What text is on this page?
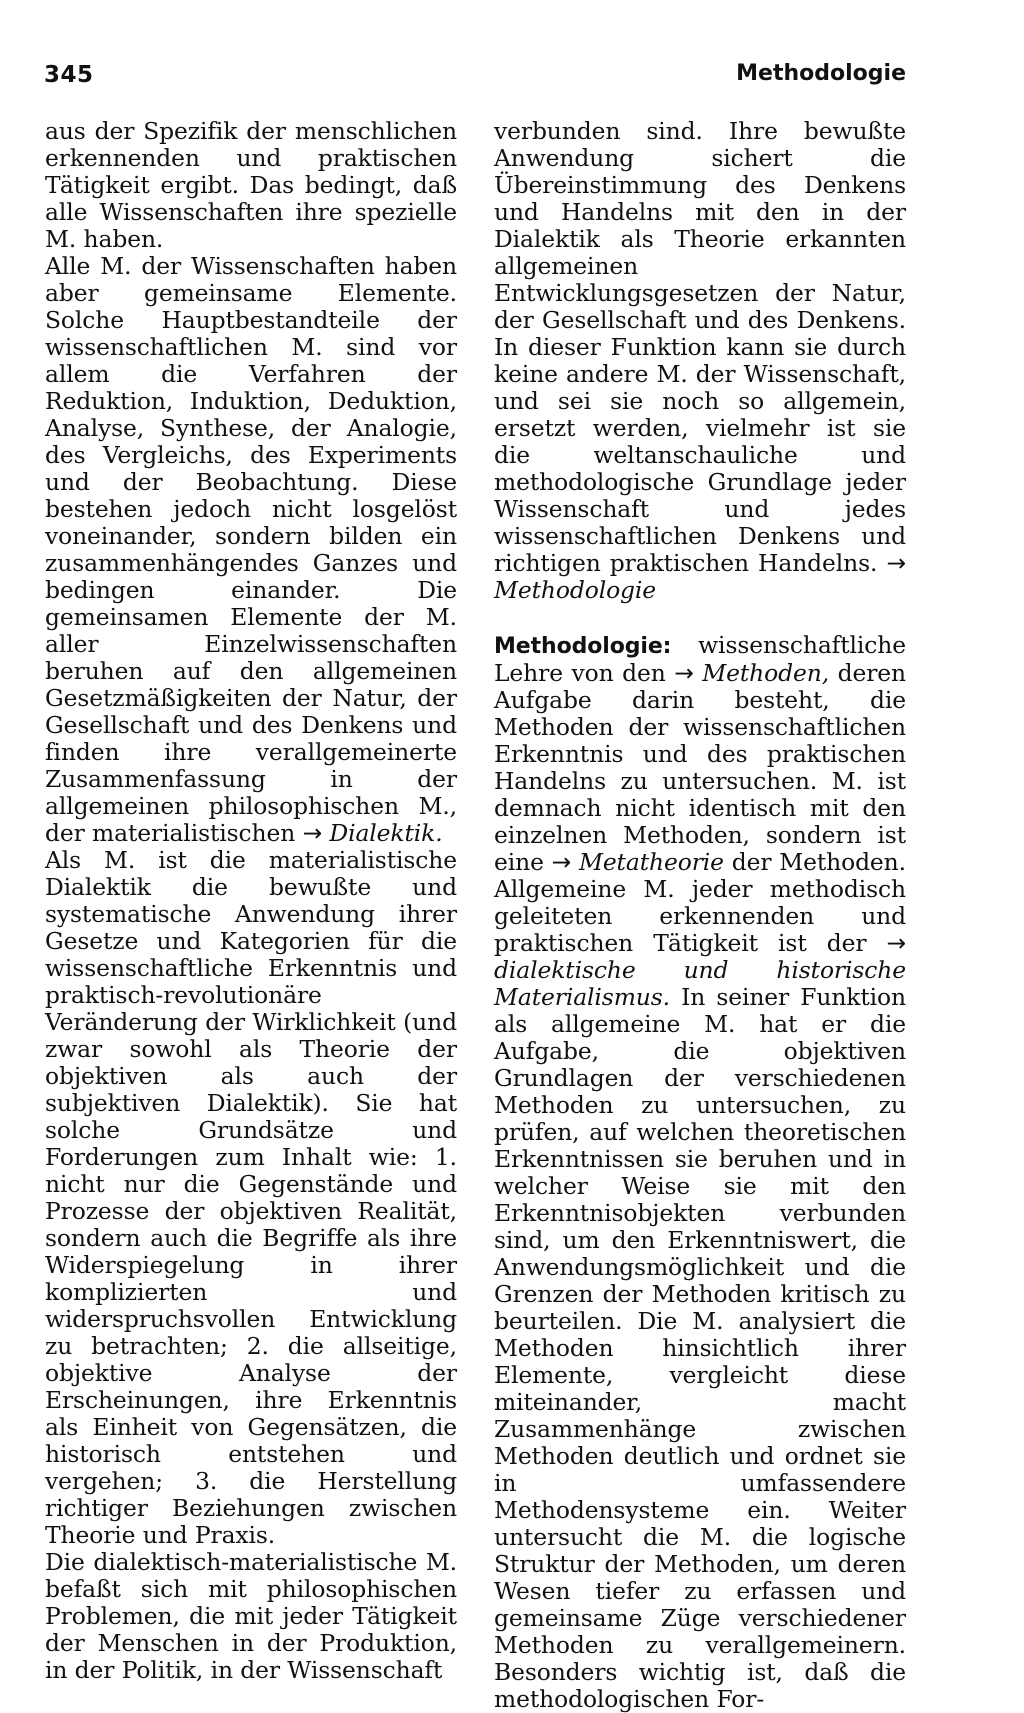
345	Methodologie

aus der Spezifik der menschlichen erkennenden und praktischen Tätigkeit ergibt. Das bedingt, daß alle Wissenschaften ihre spezielle M. haben.

Alle M. der Wissenschaften haben aber gemeinsame Elemente. Solche Hauptbestandteile der wissenschaftlichen M. sind vor allem die Verfahren der Reduktion, Induktion, Deduktion, Analyse, Synthese, der Analogie, des Vergleichs, des Experiments und der Beobachtung. Diese bestehen jedoch nicht losgelöst voneinander, sondern bilden ein zusammenhängendes Ganzes und bedingen einander. Die gemeinsamen Elemente der M. aller Einzelwissenschaften beruhen auf den allgemeinen Gesetzmäßigkeiten der Natur, der Gesellschaft und des Denkens und finden ihre verallgemeinerte Zusammenfassung in der allgemeinen philosophischen M., der materialistischen → Dialektik.

Als M. ist die materialistische Dialektik die bewußte und systematische Anwendung ihrer Gesetze und Kategorien für die wissenschaftliche Erkenntnis und praktisch-revolutionäre Veränderung der Wirklichkeit (und zwar sowohl als Theorie der objektiven als auch der subjektiven Dialektik). Sie hat solche Grundsätze und Forderungen zum Inhalt wie: 1. nicht nur die Gegenstände und Prozesse der objektiven Realität, sondern auch die Begriffe als ihre Widerspiegelung in ihrer komplizierten und widerspruchsvollen Entwicklung zu betrachten; 2. die allseitige, objektive Analyse der Erscheinungen, ihre Erkenntnis als Einheit von Gegensätzen, die historisch entstehen und vergehen; 3. die Herstellung richtiger Beziehungen zwischen Theorie und Praxis.

Die dialektisch-materialistische M. befaßt sich mit philosophischen Problemen, die mit jeder Tätigkeit der Menschen in der Produktion, in der Politik, in der Wissenschaft

verbunden sind. Ihre bewußte Anwendung sichert die Übereinstimmung des Denkens und Handelns mit den in der Dialektik als Theorie erkannten allgemeinen Entwicklungsgesetzen der Natur, der Gesellschaft und des Denkens. In dieser Funktion kann sie durch keine andere M. der Wissenschaft, und sei sie noch so allgemein, ersetzt werden, vielmehr ist sie die weltanschauliche und methodologische Grundlage jeder Wissenschaft und jedes wissenschaftlichen Denkens und richtigen praktischen Handelns. → Methodologie

Methodologie: wissenschaftliche Lehre von den → Methoden, deren Aufgabe darin besteht, die Methoden der wissenschaftlichen Erkenntnis und des praktischen Handelns zu untersuchen. M. ist demnach nicht identisch mit den einzelnen Methoden, sondern ist eine → Metatheorie der Methoden. Allgemeine M. jeder methodisch geleiteten erkennenden und praktischen Tätigkeit ist der → dialektische und historische Materialismus. In seiner Funktion als allgemeine M. hat er die Aufgabe, die objektiven Grundlagen der verschiedenen Methoden zu untersuchen, zu prüfen, auf welchen theoretischen Erkenntnissen sie beruhen und in welcher Weise sie mit den Erkenntnisobjekten verbunden sind, um den Erkenntniswert, die Anwendungsmöglichkeit und die Grenzen der Methoden kritisch zu beurteilen. Die M. analysiert die Methoden hinsichtlich ihrer Elemente, vergleicht diese miteinander, macht Zusammenhänge zwischen Methoden deutlich und ordnet sie in umfassendere Methodensysteme ein. Weiter untersucht die M. die logische Struktur der Methoden, um deren Wesen tiefer zu erfassen und gemeinsame Züge verschiedener Methoden zu verallgemeinern. Besonders wichtig ist, daß die methodologischen For-
